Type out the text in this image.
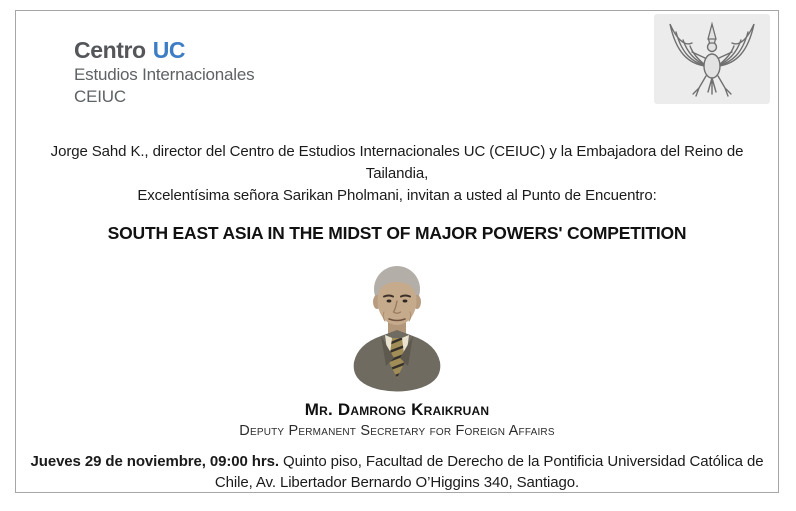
Centro UC
Estudios Internacionales
CEIUC

Jorge Sahd K., director del Centro de Estudios Internacionales UC (CEIUC) y la Embajadora del Reino de Tailandia,
Excelentísima señora Sarikan Pholmani, invitan a usted al Punto de Encuentro:

SOUTH EAST ASIA IN THE MIDST OF MAJOR POWERS' COMPETITION
Mr. Damrong Kraikruan
Deputy Permanent Secretary for Foreign Affairs

Jueves 29 de noviembre, 09:00 hrs. Quinto piso, Facultad de Derecho de la Pontificia Universidad Católica de Chile, Av. Libertador Bernardo O’Higgins 340, Santiago.
